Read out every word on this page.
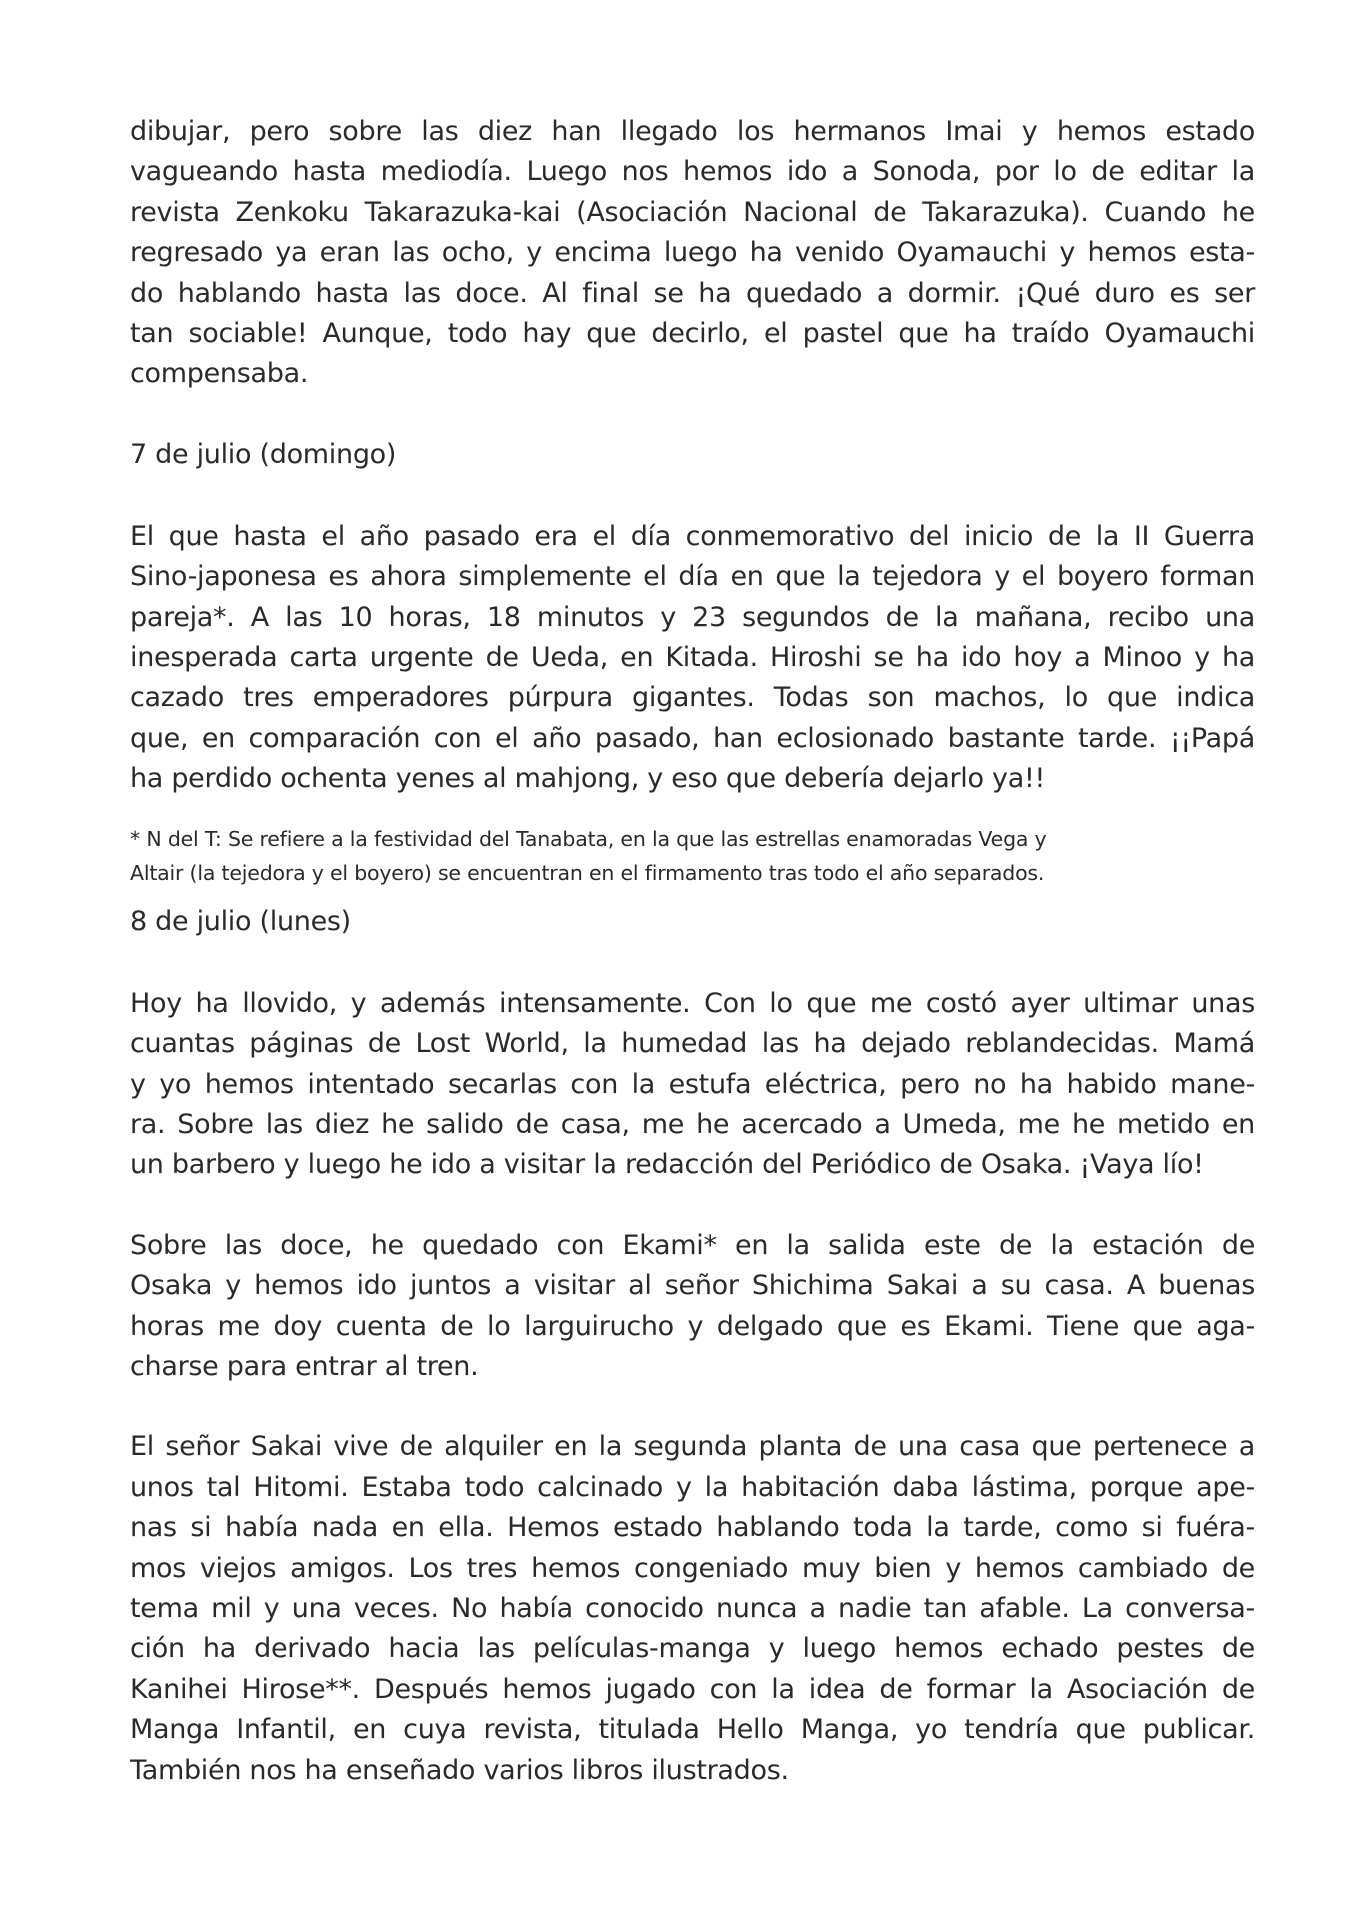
dibujar, pero sobre las diez han llegado los hermanos Imai y hemos estado
vagueando hasta mediodía. Luego nos hemos ido a Sonoda, por lo de editar la
revista Zenkoku Takarazuka-kai (Asociación Nacional de Takarazuka). Cuando he
regresado ya eran las ocho, y encima luego ha venido Oyamauchi y hemos esta-
do hablando hasta las doce. Al final se ha quedado a dormir. ¡Qué duro es ser
tan sociable! Aunque, todo hay que decirlo, el pastel que ha traído Oyamauchi
compensaba.

7 de julio (domingo)

El que hasta el año pasado era el día conmemorativo del inicio de la II Guerra
Sino-japonesa es ahora simplemente el día en que la tejedora y el boyero forman
pareja*. A las 10 horas, 18 minutos y 23 segundos de la mañana, recibo una
inesperada carta urgente de Ueda, en Kitada. Hiroshi se ha ido hoy a Minoo y ha
cazado tres emperadores púrpura gigantes. Todas son machos, lo que indica
que, en comparación con el año pasado, han eclosionado bastante tarde. ¡¡Papá
ha perdido ochenta yenes al mahjong, y eso que debería dejarlo ya!!

* N del T: Se refiere a la festividad del Tanabata, en la que las estrellas enamoradas Vega y
Altair (la tejedora y el boyero) se encuentran en el firmamento tras todo el año separados.

8 de julio (lunes)

Hoy ha llovido, y además intensamente. Con lo que me costó ayer ultimar unas
cuantas páginas de Lost World, la humedad las ha dejado reblandecidas. Mamá
y yo hemos intentado secarlas con la estufa eléctrica, pero no ha habido mane-
ra. Sobre las diez he salido de casa, me he acercado a Umeda, me he metido en
un barbero y luego he ido a visitar la redacción del Periódico de Osaka. ¡Vaya lío!

Sobre las doce, he quedado con Ekami* en la salida este de la estación de
Osaka y hemos ido juntos a visitar al señor Shichima Sakai a su casa. A buenas
horas me doy cuenta de lo larguirucho y delgado que es Ekami. Tiene que aga-
charse para entrar al tren.

El señor Sakai vive de alquiler en la segunda planta de una casa que pertenece a
unos tal Hitomi. Estaba todo calcinado y la habitación daba lástima, porque ape-
nas si había nada en ella. Hemos estado hablando toda la tarde, como si fuéra-
mos viejos amigos. Los tres hemos congeniado muy bien y hemos cambiado de
tema mil y una veces. No había conocido nunca a nadie tan afable. La conversa-
ción ha derivado hacia las películas-manga y luego hemos echado pestes de
Kanihei Hirose**. Después hemos jugado con la idea de formar la Asociación de
Manga Infantil, en cuya revista, titulada Hello Manga, yo tendría que publicar.
También nos ha enseñado varios libros ilustrados.
